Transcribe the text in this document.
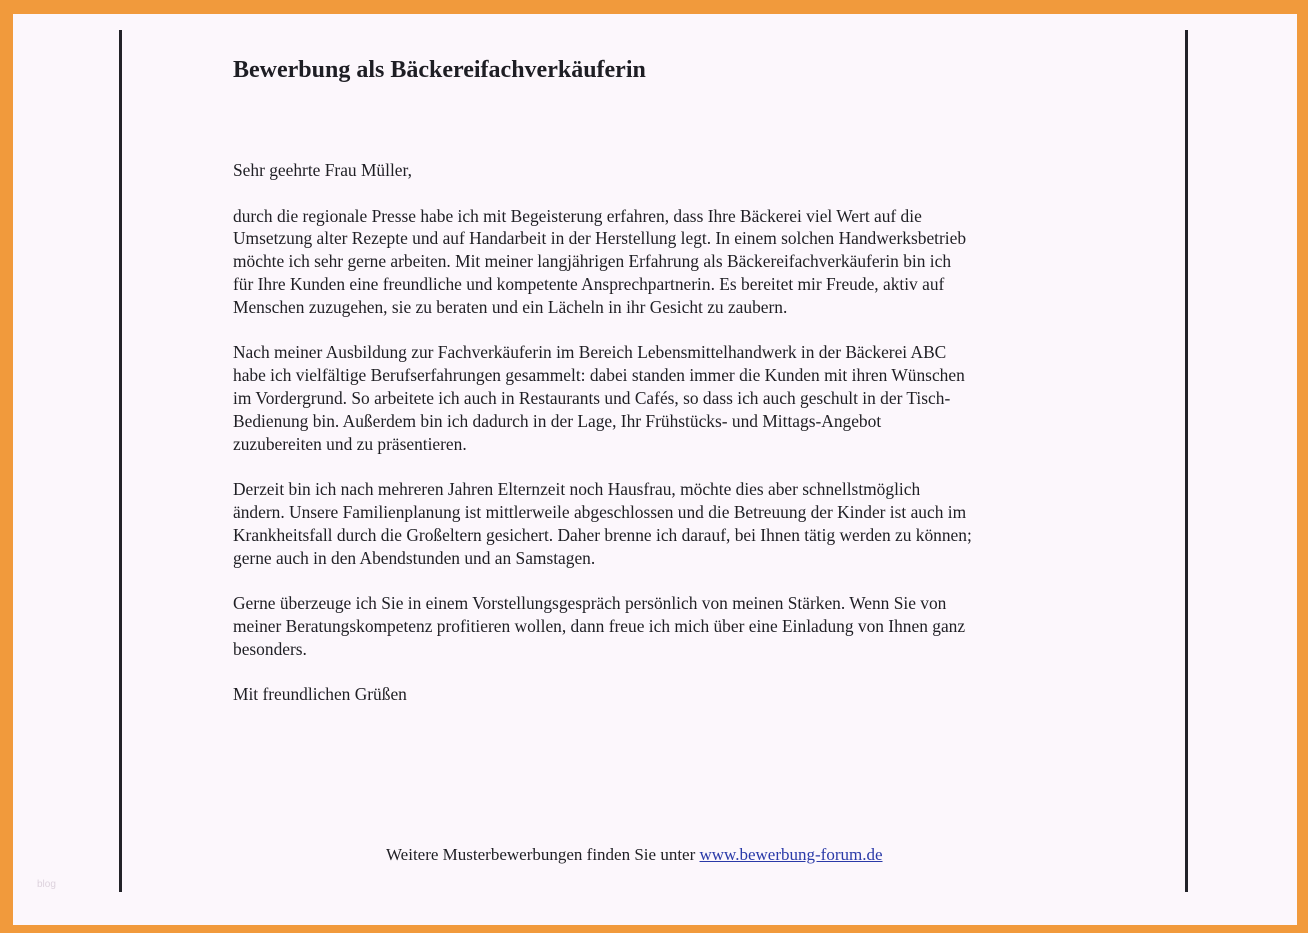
Bewerbung als Bäckereifachverkäuferin

Sehr geehrte Frau Müller,

durch die regionale Presse habe ich mit Begeisterung erfahren, dass Ihre Bäckerei viel Wert auf die
Umsetzung alter Rezepte und auf Handarbeit in der Herstellung legt. In einem solchen Handwerksbetrieb
möchte ich sehr gerne arbeiten. Mit meiner langjährigen Erfahrung als Bäckereifachverkäuferin bin ich
für Ihre Kunden eine freundliche und kompetente Ansprechpartnerin. Es bereitet mir Freude, aktiv auf
Menschen zuzugehen, sie zu beraten und ein Lächeln in ihr Gesicht zu zaubern.

Nach meiner Ausbildung zur Fachverkäuferin im Bereich Lebensmittelhandwerk in der Bäckerei ABC
habe ich vielfältige Berufserfahrungen gesammelt: dabei standen immer die Kunden mit ihren Wünschen
im Vordergrund. So arbeitete ich auch in Restaurants und Cafés, so dass ich auch geschult in der Tisch-
Bedienung bin. Außerdem bin ich dadurch in der Lage, Ihr Frühstücks- und Mittags-Angebot
zuzubereiten und zu präsentieren.

Derzeit bin ich nach mehreren Jahren Elternzeit noch Hausfrau, möchte dies aber schnellstmöglich
ändern. Unsere Familienplanung ist mittlerweile abgeschlossen und die Betreuung der Kinder ist auch im
Krankheitsfall durch die Großeltern gesichert. Daher brenne ich darauf, bei Ihnen tätig werden zu können;
gerne auch in den Abendstunden und an Samstagen.

Gerne überzeuge ich Sie in einem Vorstellungsgespräch persönlich von meinen Stärken. Wenn Sie von
meiner Beratungskompetenz profitieren wollen, dann freue ich mich über eine Einladung von Ihnen ganz
besonders.

Mit freundlichen Grüßen

Weitere Musterbewerbungen finden Sie unter www.bewerbung-forum.de
blog
